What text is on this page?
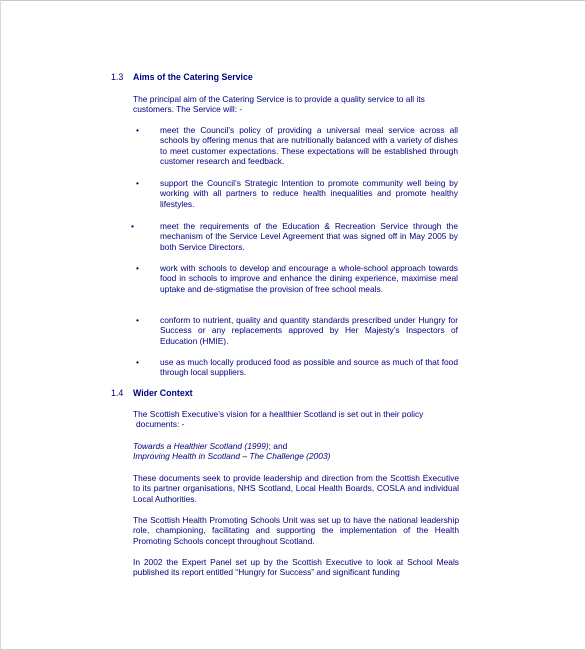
1.3 Aims of the Catering Service
The principal aim of the Catering Service is to provide a quality service to all its customers. The Service will: -
•	meet the Council’s policy of providing a universal meal service across all schools by offering menus that are nutritionally balanced with a variety of dishes to meet customer expectations. These expectations will be established through customer research and feedback.
•	support the Council’s Strategic Intention to promote community well being by working with all partners to reduce health inequalities and promote healthy lifestyles.
•	meet the requirements of the Education & Recreation Service through the mechanism of the Service Level Agreement that was signed off in May 2005 by both Service Directors.
•	work with schools to develop and encourage a whole-school approach towards food in schools to improve and enhance the dining experience, maximise meal uptake and de-stigmatise the provision of free school meals.
•	conform to nutrient, quality and quantity standards prescribed under Hungry for Success or any replacements approved by Her Majesty’s Inspectors of Education (HMIE).
•	use as much locally produced food as possible and source as much of that food through local suppliers.
1.4 Wider Context
The Scottish Executive’s vision for a healthier Scotland is set out in their policy
documents: -
Towards a Healthier Scotland (1999); and
Improving Health in Scotland – The Challenge (2003)
These documents seek to provide leadership and direction from the Scottish Executive to its partner organisations, NHS Scotland, Local Health Boards, COSLA and individual Local Authorities.
The Scottish Health Promoting Schools Unit was set up to have the national leadership role, championing, facilitating and supporting the implementation of the Health Promoting Schools concept throughout Scotland.
In 2002 the Expert Panel set up by the Scottish Executive to look at School Meals published its report entitled “Hungry for Success” and significant funding
